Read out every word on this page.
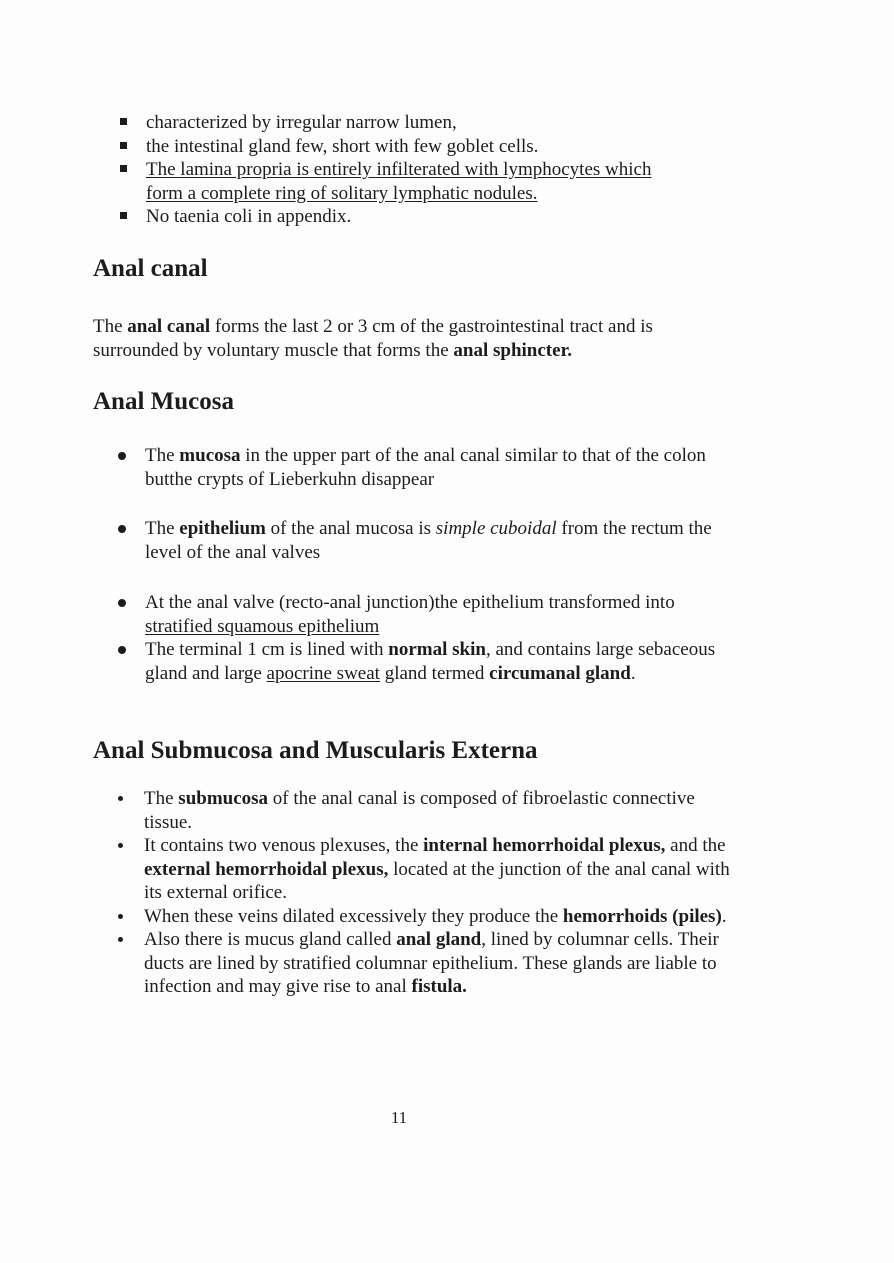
characterized by irregular narrow lumen,
the intestinal gland few, short with few goblet cells.
The lamina propria is entirely infilterated with lymphocytes which
form a complete ring of solitary lymphatic nodules.
No taenia coli in appendix.
Anal canal

The anal canal forms the last 2 or 3 cm of the gastrointestinal tract and is surrounded by voluntary muscle that forms the anal sphincter.

Anal Mucosa
The mucosa in the upper part of the anal canal similar to that of the colon butthe crypts of Lieberkuhn disappear
The epithelium of the anal mucosa is simple cuboidal from the rectum the level of the anal valves
At the anal valve (recto-anal junction)the epithelium transformed into stratified squamous epithelium
The terminal 1 cm is lined with normal skin, and contains large sebaceous gland and large apocrine sweat gland termed circumanal gland.
Anal Submucosa and Muscularis Externa
The submucosa of the anal canal is composed of fibroelastic connective tissue.
It contains two venous plexuses, the internal hemorrhoidal plexus, and the external hemorrhoidal plexus, located at the junction of the anal canal with its external orifice.
When these veins dilated excessively they produce the hemorrhoids (piles).
Also there is mucus gland called anal gland, lined by columnar cells. Their ducts are lined by stratified columnar epithelium. These glands are liable to infection and may give rise to anal fistula.
11
